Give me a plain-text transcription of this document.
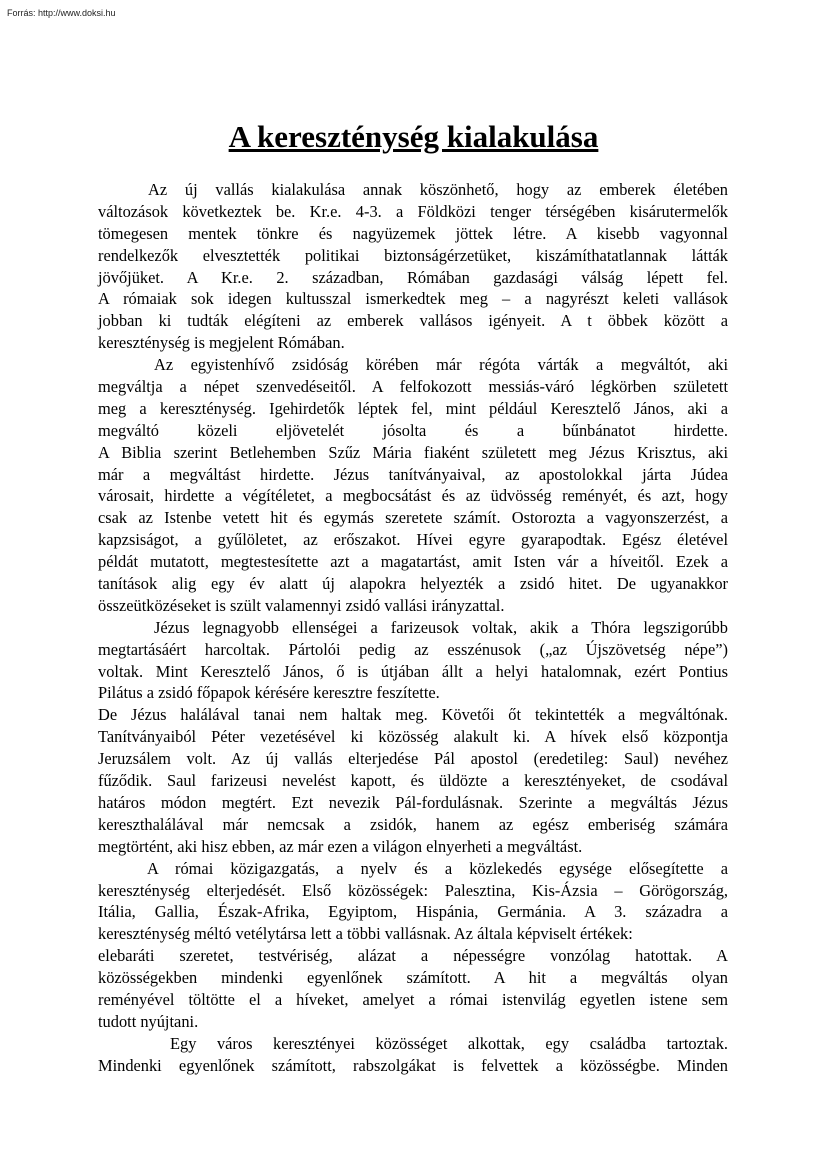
Forrás: http://www.doksi.hu
A kereszténység kialakulása
Az új vallás kialakulása annak köszönhető, hogy az emberek életében
változások következtek be. Kr.e. 4-3. a Földközi tenger térségében kisárutermelők
tömegesen mentek tönkre és nagyüzemek jöttek létre. A kisebb vagyonnal
rendelkezők elvesztették politikai biztonságérzetüket, kiszámíthatatlannak látták
jövőjüket. A Kr.e. 2. században, Rómában gazdasági válság lépett fel.
A rómaiak sok idegen kultusszal ismerkedtek meg – a nagyrészt keleti vallások
jobban ki tudták elégíteni az emberek vallásos igényeit. A t öbbek között a
kereszténység is megjelent Rómában.
Az egyistenhívő zsidóság körében már régóta várták a megváltót, aki
megváltja a népet szenvedéseitől. A felfokozott messiás-váró légkörben született
meg a kereszténység. Igehirdetők léptek fel, mint például Keresztelő János, aki a
megváltó közeli eljövetelét jósolta és a bűnbánatot hirdette.
A Biblia szerint Betlehemben Szűz Mária fiaként született meg Jézus Krisztus, aki
már a megváltást hirdette. Jézus tanítványaival, az apostolokkal járta Júdea
városait, hirdette a végítéletet, a megbocsátást és az üdvösség reményét, és azt, hogy
csak az Istenbe vetett hit és egymás szeretete számít. Ostorozta a vagyonszerzést, a
kapzsiságot, a gyűlöletet, az erőszakot. Hívei egyre gyarapodtak. Egész életével
példát mutatott, megtestesítette azt a magatartást, amit Isten vár a híveitől. Ezek a
tanítások alig egy év alatt új alapokra helyezték a zsidó hitet. De ugyanakkor
összeütközéseket is szült valamennyi zsidó vallási irányzattal.
Jézus legnagyobb ellenségei a farizeusok voltak, akik a Thóra legszigorúbb
megtartásáért harcoltak. Pártolói pedig az esszénusok („az Újszövetség népe”)
voltak. Mint Keresztelő János, ő is útjában állt a helyi hatalomnak, ezért Pontius
Pilátus a zsidó főpapok kérésére keresztre feszítette.
De Jézus halálával tanai nem haltak meg. Követői őt tekintették a megváltónak.
Tanítványaiból Péter vezetésével ki közösség alakult ki. A hívek első központja
Jeruzsálem volt. Az új vallás elterjedése Pál apostol (eredetileg: Saul) nevéhez
fűződik. Saul farizeusi nevelést kapott, és üldözte a keresztényeket, de csodával
határos módon megtért. Ezt nevezik Pál-fordulásnak. Szerinte a megváltás Jézus
kereszthalálával már nemcsak a zsidók, hanem az egész emberiség számára
megtörtént, aki hisz ebben, az már ezen a világon elnyerheti a megváltást.
A római közigazgatás, a nyelv és a közlekedés egysége elősegítette a
kereszténység elterjedését. Első közösségek: Palesztina, Kis-Ázsia – Görögország,
Itália, Gallia, Észak-Afrika, Egyiptom, Hispánia, Germánia. A 3. századra a
kereszténység méltó vetélytársa lett a többi vallásnak. Az általa képviselt értékek:
elebaráti szeretet, testvériség, alázat a népességre vonzólag hatottak. A
közösségekben mindenki egyenlőnek számított. A hit a megváltás olyan
reményével töltötte el a híveket, amelyet a római istenvilág egyetlen istene sem
tudott nyújtani.
Egy város keresztényei közösséget alkottak, egy családba tartoztak.
Mindenki egyenlőnek számított, rabszolgákat is felvettek a közösségbe. Minden
